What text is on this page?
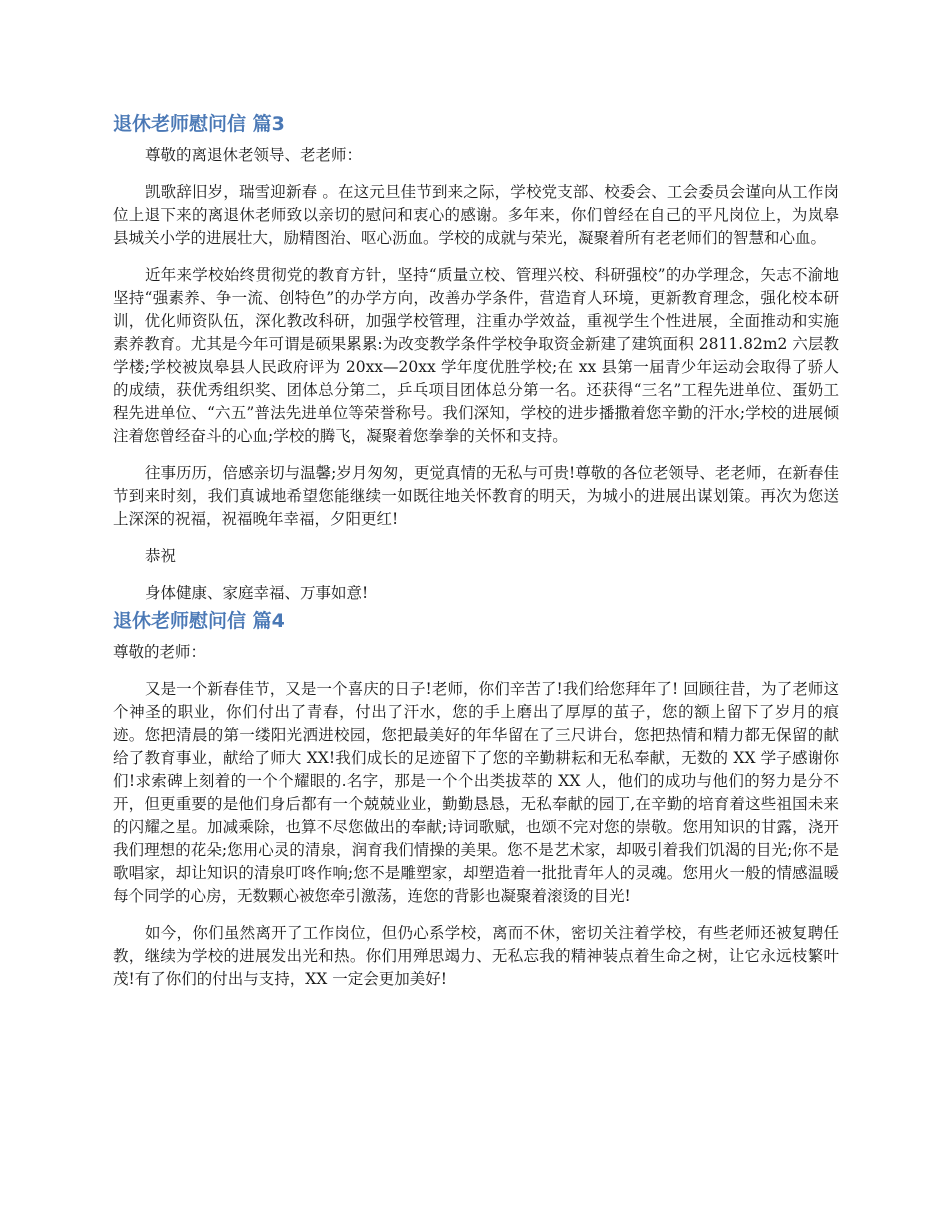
退休老师慰问信 篇3

尊敬的离退休老领导、老老师：

凯歌辞旧岁，瑞雪迎新春 。在这元旦佳节到来之际，学校党支部、校委会、工会委员会谨向从工作岗位上退下来的离退休老师致以亲切的慰问和衷心的感谢。多年来，你们曾经在自己的平凡岗位上，为岚皋县城关小学的进展壮大，励精图治、呕心沥血。学校的成就与荣光，凝聚着所有老老师们的智慧和心血。

近年来学校始终贯彻党的教育方针，坚持“质量立校、管理兴校、科研强校”的办学理念，矢志不渝地坚持“强素养、争一流、创特色”的办学方向，改善办学条件，营造育人环境，更新教育理念，强化校本研训，优化师资队伍，深化教改科研，加强学校管理，注重办学效益，重视学生个性进展，全面推动和实施素养教育。尤其是今年可谓是硕果累累:为改变教学条件学校争取资金新建了建筑面积 2811.82m2 六层教学楼;学校被岚皋县人民政府评为 20xx—20xx 学年度优胜学校;在 xx 县第一届青少年运动会取得了骄人的成绩，获优秀组织奖、团体总分第二，乒乓项目团体总分第一名。还获得“三名”工程先进单位、蛋奶工程先进单位、“六五”普法先进单位等荣誉称号。我们深知，学校的进步播撒着您辛勤的汗水;学校的进展倾注着您曾经奋斗的心血;学校的腾飞，凝聚着您拳拳的关怀和支持。

往事历历，倍感亲切与温馨;岁月匆匆，更觉真情的无私与可贵!尊敬的各位老领导、老老师，在新春佳节到来时刻，我们真诚地希望您能继续一如既往地关怀教育的明天，为城小的进展出谋划策。再次为您送上深深的祝福，祝福晚年幸福，夕阳更红!

恭祝

身体健康、家庭幸福、万事如意!

退休老师慰问信 篇4

尊敬的老师：

又是一个新春佳节，又是一个喜庆的日子!老师，你们辛苦了!我们给您拜年了! 回顾往昔，为了老师这个神圣的职业，你们付出了青春，付出了汗水，您的手上磨出了厚厚的茧子，您的额上留下了岁月的痕迹。您把清晨的第一缕阳光洒进校园，您把最美好的年华留在了三尺讲台，您把热情和精力都无保留的献给了教育事业，献给了师大 XX!我们成长的足迹留下了您的辛勤耕耘和无私奉献，无数的 XX 学子感谢你们!求索碑上刻着的一个个耀眼的.名字，那是一个个出类拔萃的 XX 人，他们的成功与他们的努力是分不开，但更重要的是他们身后都有一个兢兢业业，勤勤恳恳，无私奉献的园丁,在辛勤的培育着这些祖国未来的闪耀之星。加减乘除，也算不尽您做出的奉献;诗词歌赋，也颂不完对您的崇敬。您用知识的甘露，浇开我们理想的花朵;您用心灵的清泉，润育我们情操的美果。您不是艺术家，却吸引着我们饥渴的目光;你不是歌唱家，却让知识的清泉叮咚作响;您不是雕塑家，却塑造着一批批青年人的灵魂。您用火一般的情感温暖每个同学的心房，无数颗心被您牵引激荡，连您的背影也凝聚着滚烫的目光!

如今，你们虽然离开了工作岗位，但仍心系学校，离而不休，密切关注着学校，有些老师还被复聘任教，继续为学校的进展发出光和热。你们用殚思竭力、无私忘我的精神装点着生命之树，让它永远枝繁叶茂!有了你们的付出与支持，XX 一定会更加美好!
